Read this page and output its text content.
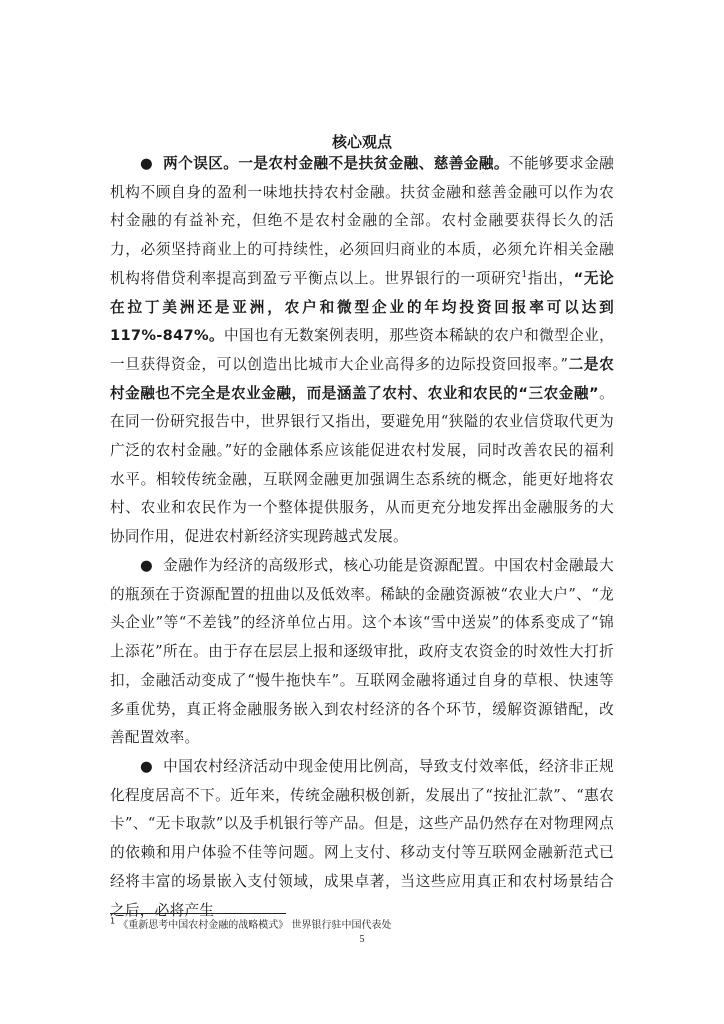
核心观点
● 两个误区。一是农村金融不是扶贫金融、慈善金融。不能够要求金融机构不顾自身的盈利一味地扶持农村金融。扶贫金融和慈善金融可以作为农村金融的有益补充，但绝不是农村金融的全部。农村金融要获得长久的活力，必须坚持商业上的可持续性，必须回归商业的本质，必须允许相关金融机构将借贷利率提高到盈亏平衡点以上。世界银行的一项研究$^1$指出，“无论在拉丁美洲还是亚洲，农户和微型企业的年均投资回报率可以达到 117%-847%。中国也有无数案例表明，那些资本稀缺的农户和微型企业，一旦获得资金，可以创造出比城市大企业高得多的边际投资回报率。”二是农村金融也不完全是农业金融，而是涵盖了农村、农业和农民的“三农金融”。在同一份研究报告中，世界银行又指出，要避免用“狭隘的农业信贷取代更为广泛的农村金融。”好的金融体系应该能促进农村发展，同时改善农民的福利水平。相较传统金融，互联网金融更加强调生态系统的概念，能更好地将农村、农业和农民作为一个整体提供服务，从而更充分地发挥出金融服务的大协同作用，促进农村新经济实现跨越式发展。
● 金融作为经济的高级形式，核心功能是资源配置。中国农村金融最大的瓶颈在于资源配置的扭曲以及低效率。稀缺的金融资源被“农业大户”、“龙头企业”等“不差钱”的经济单位占用。这个本该“雪中送炭”的体系变成了“锦上添花”所在。由于存在层层上报和逐级审批，政府支农资金的时效性大打折扣，金融活动变成了“慢牛拖快车”。互联网金融将通过自身的草根、快速等多重优势，真正将金融服务嵌入到农村经济的各个环节，缓解资源错配，改善配置效率。
● 中国农村经济活动中现金使用比例高，导致支付效率低，经济非正规化程度居高不下。近年来，传统金融积极创新，发展出了“按扯汇款”、“惠农卡”、“无卡取款”以及手机银行等产品。但是，这些产品仍然存在对物理网点的依赖和用户体验不佳等问题。网上支付、移动支付等互联网金融新范式已经将丰富的场景嵌入支付领域，成果卓著，当这些应用真正和农村场景结合之后，必将产生
$^1$ 《重新思考中国农村金融的战略模式》 世界银行驻中国代表处
5
